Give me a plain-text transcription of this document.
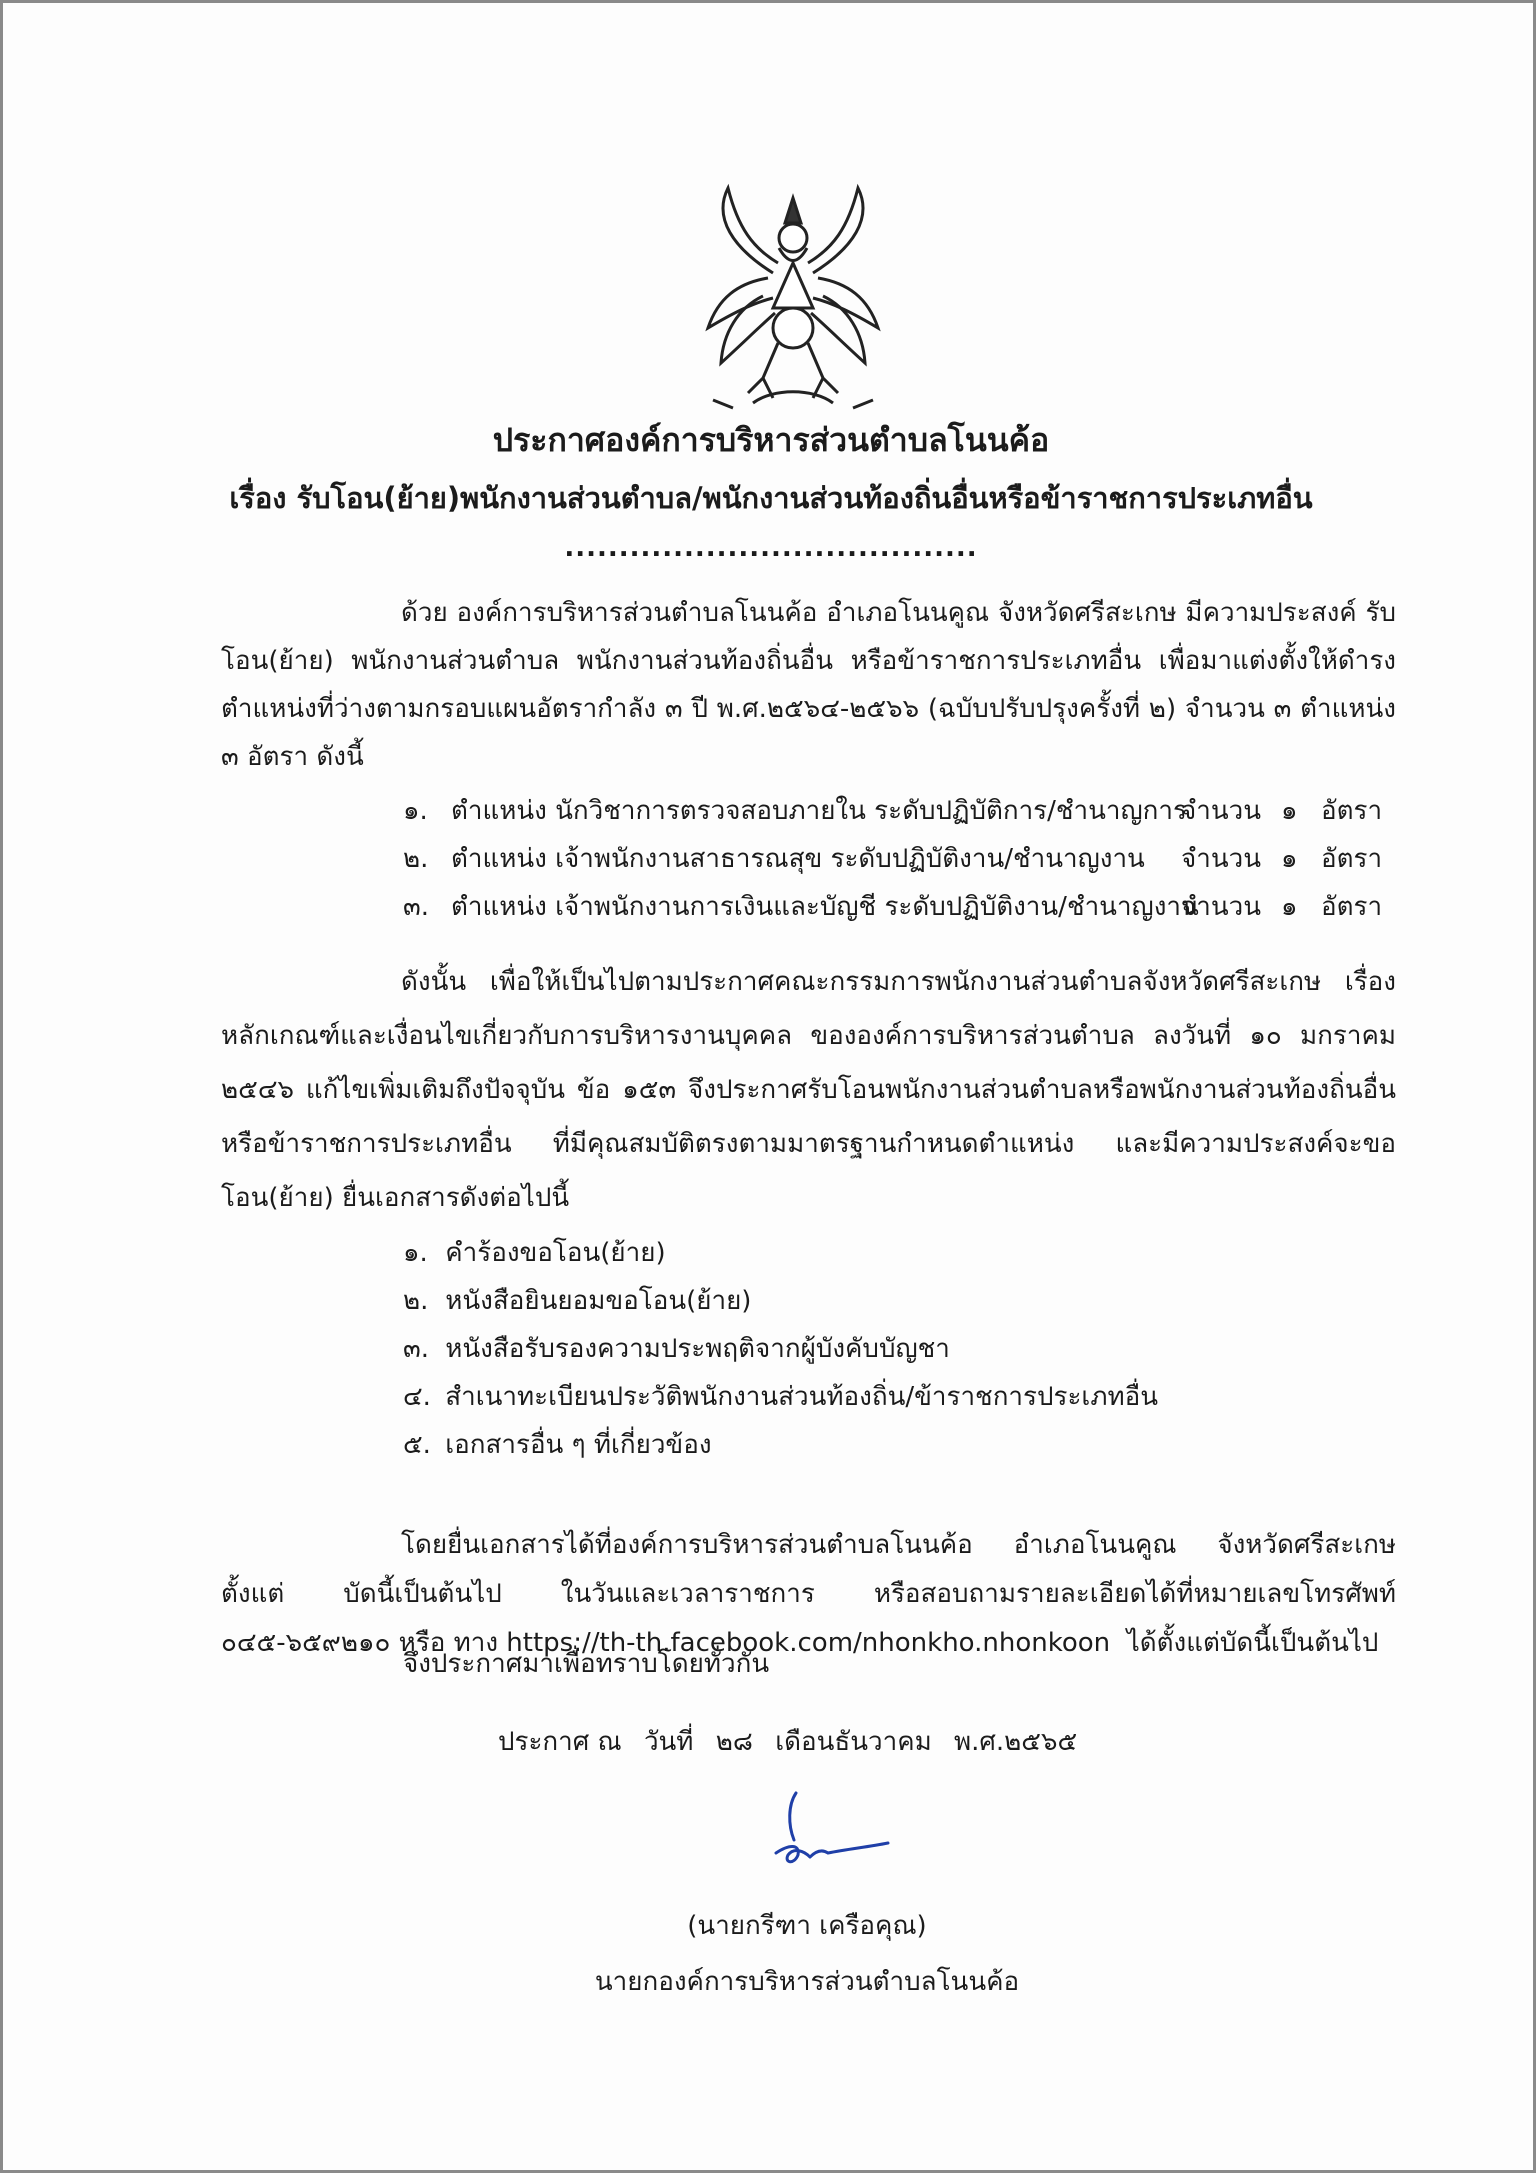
ประกาศองค์การบริหารส่วนตำบลโนนค้อ
เรื่อง รับโอน(ย้าย)พนักงานส่วนตำบล/พนักงานส่วนท้องถิ่นอื่นหรือข้าราชการประเภทอื่น
......................................
ด้วย องค์การบริหารส่วนตำบลโนนค้อ อำเภอโนนคูณ จังหวัดศรีสะเกษ มีความประสงค์ รับโอน(ย้าย) พนักงานส่วนตำบล พนักงานส่วนท้องถิ่นอื่น หรือข้าราชการประเภทอื่น เพื่อมาแต่งตั้งให้ดำรง ตำแหน่งที่ว่างตามกรอบแผนอัตรากำลัง ๓ ปี พ.ศ.๒๕๖๔-๒๕๖๖ (ฉบับปรับปรุงครั้งที่ ๒) จำนวน ๓ ตำแหน่ง ๓ อัตรา ดังนี้
๑. ตำแหน่ง นักวิชาการตรวจสอบภายใน ระดับปฏิบัติการ/ชำนาญการ
จำนวน ๑ อัตรา
๒. ตำแหน่ง เจ้าพนักงานสาธารณสุข ระดับปฏิบัติงาน/ชำนาญงาน จำนวน ๑ อัตรา
๓. ตำแหน่ง เจ้าพนักงานการเงินและบัญชี ระดับปฏิบัติงาน/ชำนาญงาน
จำนวน ๑ อัตรา
ดังนั้น เพื่อให้เป็นไปตามประกาศคณะกรรมการพนักงานส่วนตำบลจังหวัดศรีสะเกษ เรื่อง หลักเกณฑ์และเงื่อนไขเกี่ยวกับการบริหารงานบุคคล ขององค์การบริหารส่วนตำบล ลงวันที่ ๑๐ มกราคม ๒๕๔๖ แก้ไขเพิ่มเติมถึงปัจจุบัน ข้อ ๑๕๓ จึงประกาศรับโอนพนักงานส่วนตำบลหรือพนักงานส่วนท้องถิ่นอื่น หรือข้าราชการประเภทอื่น ที่มีคุณสมบัติตรงตามมาตรฐานกำหนดตำแหน่ง และมีความประสงค์จะขอ โอน(ย้าย) ยื่นเอกสารดังต่อไปนี้
๑. คำร้องขอโอน(ย้าย)
๒. หนังสือยินยอมขอโอน(ย้าย)
๓. หนังสือรับรองความประพฤติจากผู้บังคับบัญชา
๔. สำเนาทะเบียนประวัติพนักงานส่วนท้องถิ่น/ข้าราชการประเภทอื่น
๕. เอกสารอื่น ๆ ที่เกี่ยวข้อง
โดยยื่นเอกสารได้ที่องค์การบริหารส่วนตำบลโนนค้อ อำเภอโนนคูณ จังหวัดศรีสะเกษ ตั้งแต่ บัดนี้เป็นต้นไป ในวันและเวลาราชการ หรือสอบถามรายละเอียดได้ที่หมายเลขโทรศัพท์ ๐๔๕-๖๕๙๒๑๐ หรือ ทาง https://th-th.facebook.com/nhonkho.nhonkoon ได้ตั้งแต่บัดนี้เป็นต้นไป
จึงประกาศมาเพื่อทราบโดยทั่วกัน
ประกาศ ณ วันที่ ๒๘ เดือนธันวาคม พ.ศ.๒๕๖๕
(นายกรีฑา เครือคุณ)
นายกองค์การบริหารส่วนตำบลโนนค้อ
